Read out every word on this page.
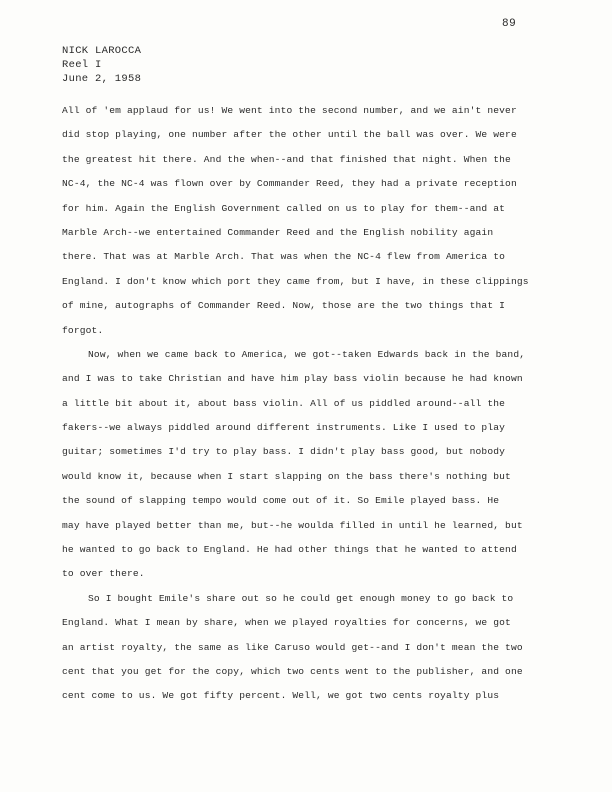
89
NICK LAROCCA
Reel I
June 2, 1958
All of 'em applaud for us! We went into the second number, and we ain't never
did stop playing, one number after the other until the ball was over. We were
the greatest hit there. And the when--and that finished that night. When the
NC-4, the NC-4 was flown over by Commander Reed, they had a private reception
for him. Again the English Government called on us to play for them--and at
Marble Arch--we entertained Commander Reed and the English nobility again
there. That was at Marble Arch. That was when the NC-4 flew from America to
England. I don't know which port they came from, but I have, in these clippings
of mine, autographs of Commander Reed. Now, those are the two things that I
forgot.
Now, when we came back to America, we got--taken Edwards back in the band,
and I was to take Christian and have him play bass violin because he had known
a little bit about it, about bass violin. All of us piddled around--all the
fakers--we always piddled around different instruments. Like I used to play
guitar; sometimes I'd try to play bass. I didn't play bass good, but nobody
would know it, because when I start slapping on the bass there's nothing but
the sound of slapping tempo would come out of it. So Emile played bass. He
may have played better than me, but--he woulda filled in until he learned, but
he wanted to go back to England. He had other things that he wanted to attend
to over there.
So I bought Emile's share out so he could get enough money to go back to
England. What I mean by share, when we played royalties for concerns, we got
an artist royalty, the same as like Caruso would get--and I don't mean the two
cent that you get for the copy, which two cents went to the publisher, and one
cent come to us. We got fifty percent. Well, we got two cents royalty plus
